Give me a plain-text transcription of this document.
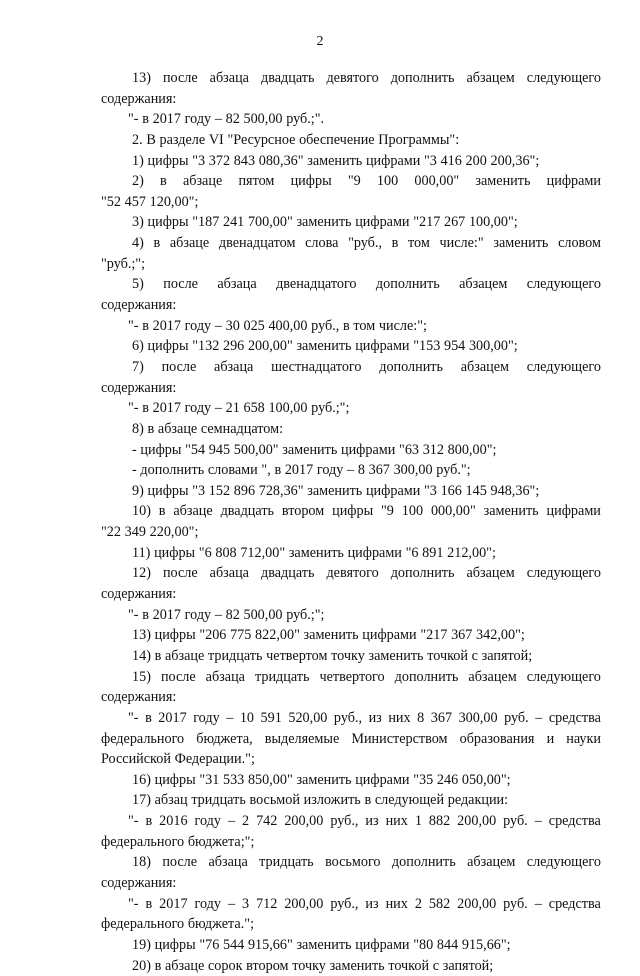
2
13) после абзаца двадцать девятого дополнить абзацем следующего
содержания:
"- в 2017 году – 82 500,00 руб.;".
2. В разделе VI "Ресурсное обеспечение Программы":
1) цифры "3 372 843 080,36" заменить цифрами "3 416 200 200,36";
2) в абзаце пятом цифры "9 100 000,00" заменить цифрами
"52 457 120,00";
3) цифры "187 241 700,00" заменить цифрами "217 267 100,00";
4) в абзаце двенадцатом слова "руб., в том числе:" заменить словом
"руб.;";
5) после абзаца двенадцатого дополнить абзацем следующего
содержания:
"- в 2017 году – 30 025 400,00 руб., в том числе:";
6) цифры "132 296 200,00" заменить цифрами "153 954 300,00";
7) после абзаца шестнадцатого дополнить абзацем следующего
содержания:
"- в 2017 году – 21 658 100,00 руб.;";
8) в абзаце семнадцатом:
- цифры "54 945 500,00" заменить цифрами "63 312 800,00";
- дополнить словами ", в 2017 году – 8 367 300,00 руб.";
9) цифры "3 152 896 728,36" заменить цифрами "3 166 145 948,36";
10) в абзаце двадцать втором цифры "9 100 000,00" заменить цифрами
"22 349 220,00";
11) цифры "6 808 712,00" заменить цифрами "6 891 212,00";
12) после абзаца двадцать девятого дополнить абзацем следующего
содержания:
"- в 2017 году – 82 500,00 руб.;";
13) цифры "206 775 822,00" заменить цифрами "217 367 342,00";
14) в абзаце тридцать четвертом точку заменить точкой с запятой;
15) после абзаца тридцать четвертого дополнить абзацем следующего
содержания:
"- в 2017 году – 10 591 520,00 руб., из них 8 367 300,00 руб. – средства
федерального бюджета, выделяемые Министерством образования и науки
Российской Федерации.";
16) цифры "31 533 850,00" заменить цифрами "35 246 050,00";
17) абзац тридцать восьмой изложить в следующей редакции:
"- в 2016 году – 2 742 200,00 руб., из них 1 882 200,00 руб. – средства
федерального бюджета;";
18) после абзаца тридцать восьмого дополнить абзацем следующего
содержания:
"- в 2017 году – 3 712 200,00 руб., из них 2 582 200,00 руб. – средства
федерального бюджета.";
19) цифры "76 544 915,66" заменить цифрами "80 844 915,66";
20) в абзаце сорок втором точку заменить точкой с запятой;
